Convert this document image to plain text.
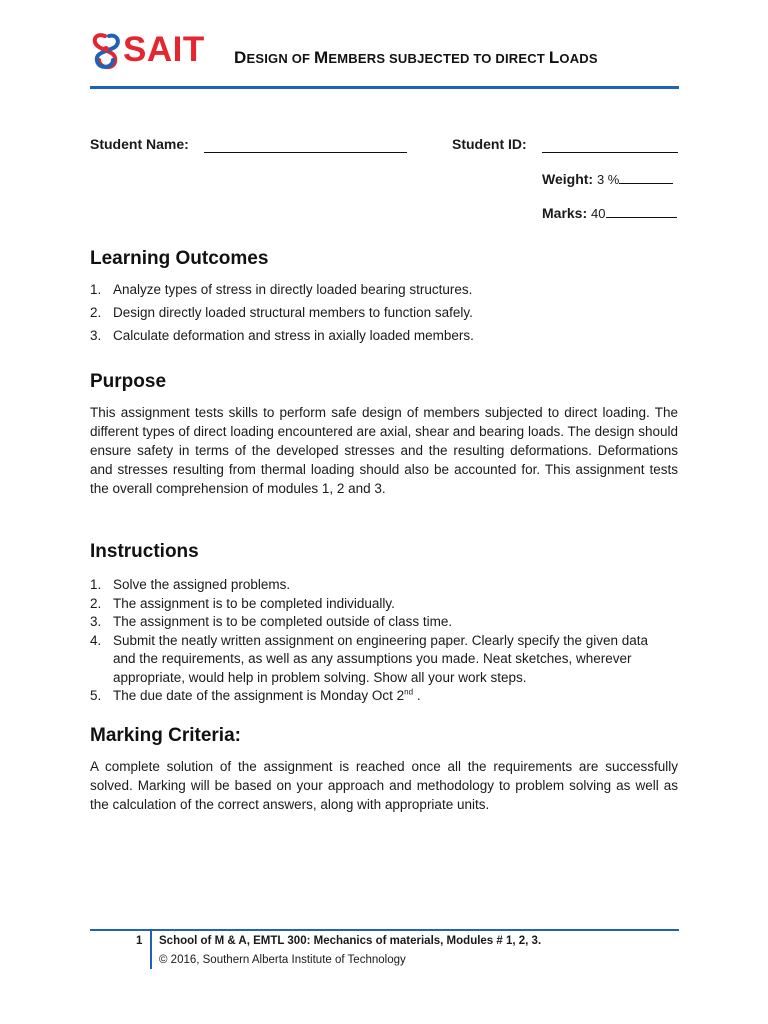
SAIT DESIGN OF MEMBERS SUBJECTED TO DIRECT LOADS
Student Name:	Student ID:
Weight: 3 %
Marks: 40
Learning Outcomes
1. Analyze types of stress in directly loaded bearing structures.
2. Design directly loaded structural members to function safely.
3. Calculate deformation and stress in axially loaded members.
Purpose
This assignment tests skills to perform safe design of members subjected to direct loading. The different types of direct loading encountered are axial, shear and bearing loads. The design should ensure safety in terms of the developed stresses and the resulting deformations. Deformations and stresses resulting from thermal loading should also be accounted for. This assignment tests the overall comprehension of modules 1, 2 and 3.
Instructions
1. Solve the assigned problems.
2. The assignment is to be completed individually.
3. The assignment is to be completed outside of class time.
4. Submit the neatly written assignment on engineering paper. Clearly specify the given data and the requirements, as well as any assumptions you made. Neat sketches, wherever appropriate, would help in problem solving. Show all your work steps.
5. The due date of the assignment is Monday Oct 2nd .
Marking Criteria:
A complete solution of the assignment is reached once all the requirements are successfully solved. Marking will be based on your approach and methodology to problem solving as well as the calculation of the correct answers, along with appropriate units.
1 School of M & A, EMTL 300: Mechanics of materials, Modules # 1, 2, 3.
© 2016, Southern Alberta Institute of Technology
